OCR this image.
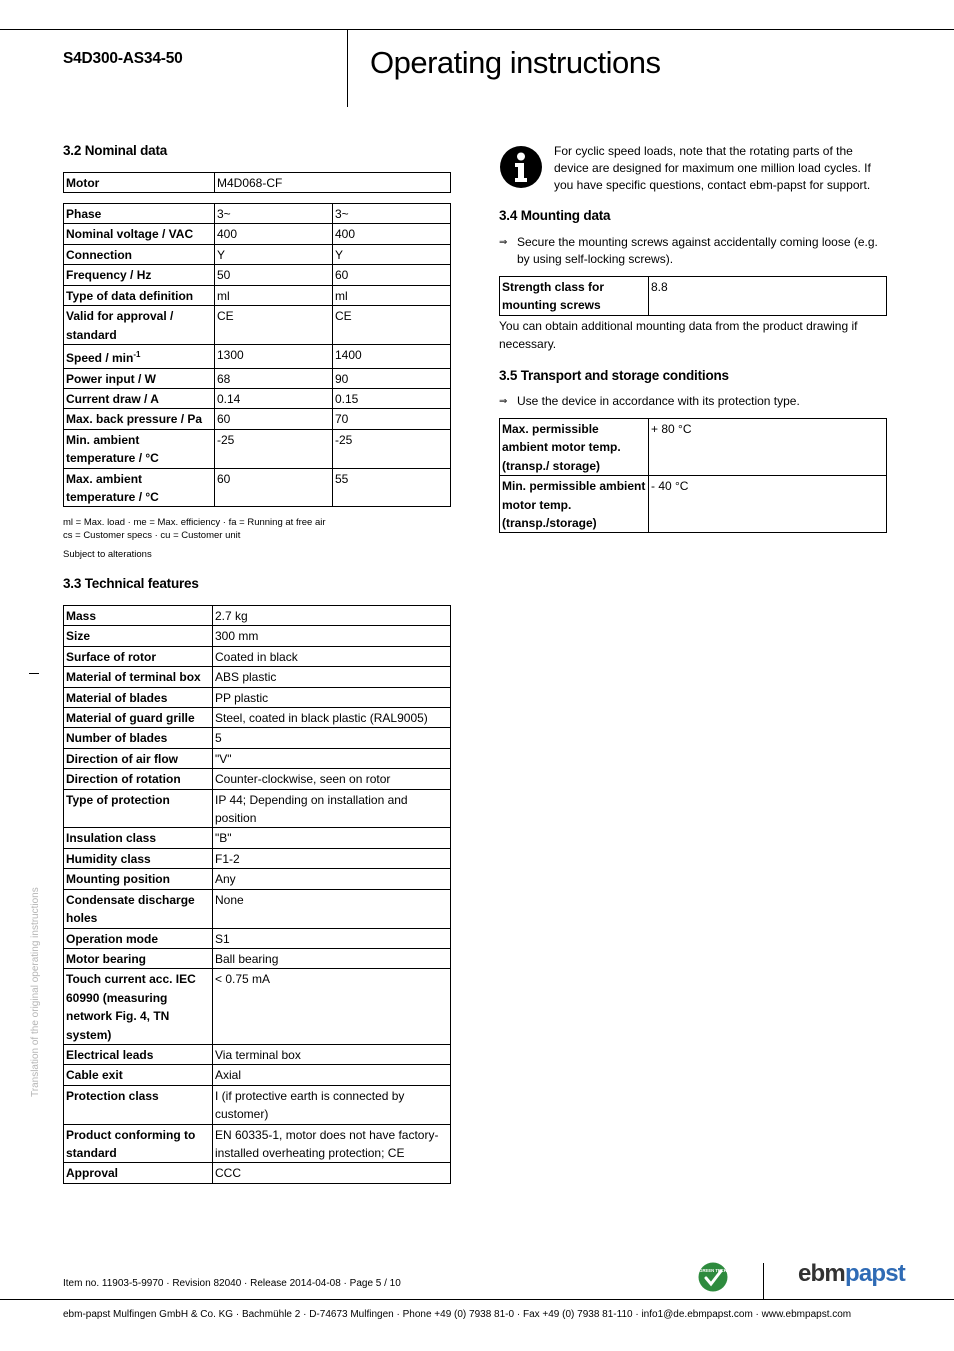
S4D300-AS34-50	Operating instructions
3.2 Nominal data
Motor	M4D068-CF
Phase	3~	3~
Nominal voltage / VAC	400	400
Connection	Y	Y
Frequency / Hz	50	60
Type of data definition	ml	ml
Valid for approval / standard	CE	CE
Speed / $\min^{-1}$	1300	1400
Power input / W	68	90
Current draw / A	0.14	0.15
Max. back pressure / Pa	60	70
Min. ambient temperature / °C	-25	-25
Max. ambient temperature / °C	60	55
ml = Max. load · me = Max. efficiency · fa = Running at free air
cs = Customer specs · cu = Customer unit
Subject to alterations
3.3 Technical features
Mass	2.7 kg
Size	300 mm
Surface of rotor	Coated in black
Material of terminal box	ABS plastic
Material of blades	PP plastic
Material of guard grille	Steel, coated in black plastic (RAL9005)
Number of blades	5
Direction of air flow	"V"
Direction of rotation	Counter-clockwise, seen on rotor
Type of protection	IP 44; Depending on installation and position
Insulation class	"B"
Humidity class	F1-2
Mounting position	Any
Condensate discharge holes	None
Operation mode	S1
Motor bearing	Ball bearing
Touch current acc. IEC 60990 (measuring network Fig. 4, TN system)	< 0.75 mA
Electrical leads	Via terminal box
Cable exit	Axial
Protection class	I (if protective earth is connected by customer)
Product conforming to standard	EN 60335-1, motor does not have factory-installed overheating protection; CE
Approval	CCC
For cyclic speed loads, note that the rotating parts of the device are designed for maximum one million load cycles. If you have specific questions, contact ebm-papst for support.
3.4 Mounting data
⇒ Secure the mounting screws against accidentally coming loose (e.g. by using self-locking screws).
Strength class for mounting screws	8.8
You can obtain additional mounting data from the product drawing if necessary.
3.5 Transport and storage conditions
⇒ Use the device in accordance with its protection type.
Max. permissible ambient motor temp. (transp./ storage)	+ 80 °C
Min. permissible ambient motor temp. (transp./storage)	- 40 °C
Translation of the original operating instructions
Item no. 11903-5-9970 · Revision 82040 · Release 2014-04-08 · Page 5 / 10
GREEN TECH	ebmpapst
ebm-papst Mulfingen GmbH & Co. KG · Bachmühle 2 · D-74673 Mulfingen · Phone +49 (0) 7938 81-0 · Fax +49 (0) 7938 81-110 · info1@de.ebmpapst.com · www.ebmpapst.com
